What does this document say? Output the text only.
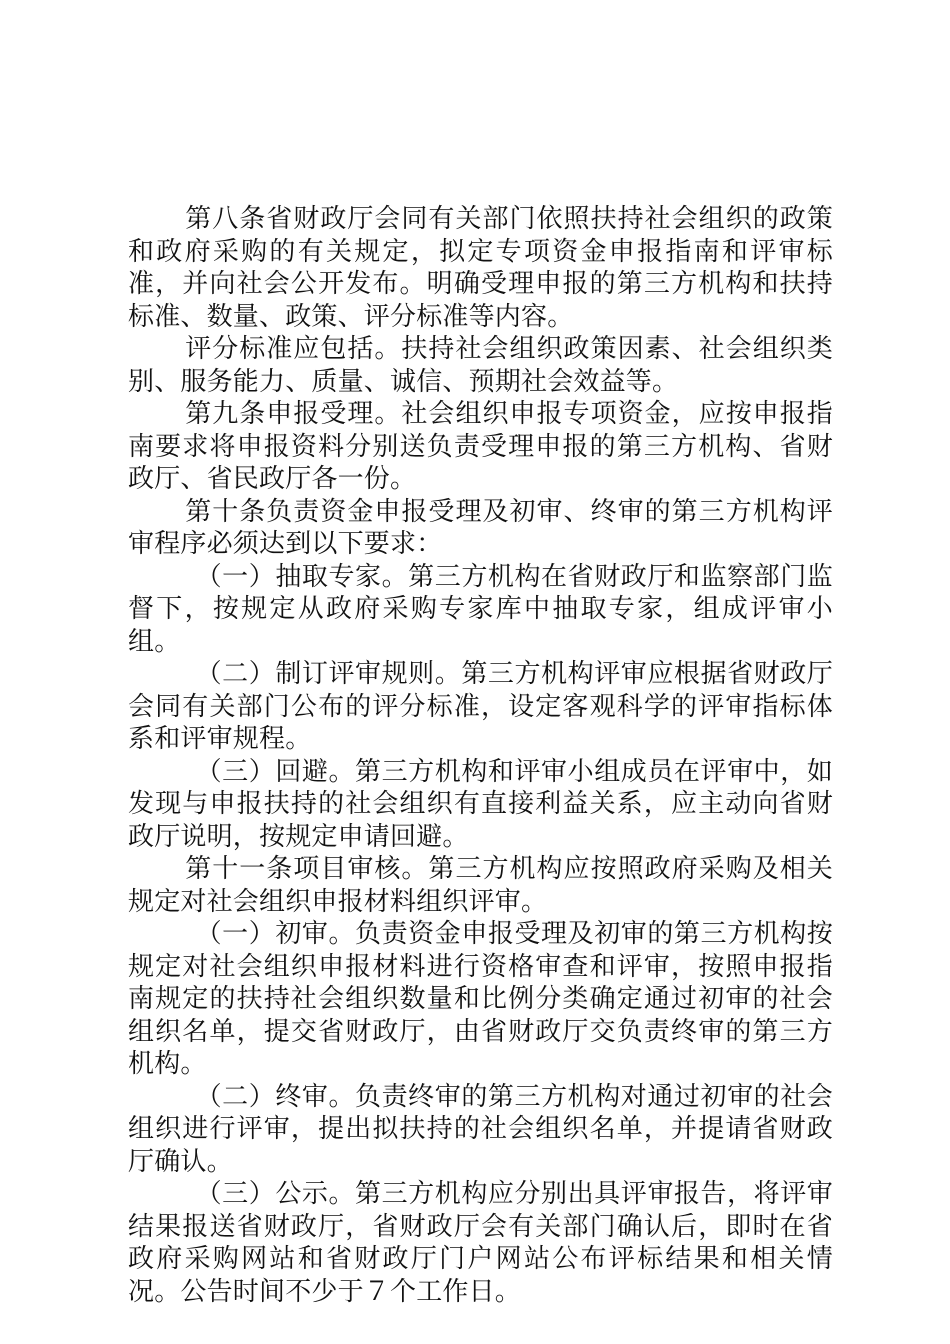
第八条省财政厅会同有关部门依照扶持社会组织的政策和政府采购的有关规定，拟定专项资金申报指南和评审标准，并向社会公开发布。明确受理申报的第三方机构和扶持标准、数量、政策、评分标准等内容。

评分标准应包括。扶持社会组织政策因素、社会组织类别、服务能力、质量、诚信、预期社会效益等。

第九条申报受理。社会组织申报专项资金，应按申报指南要求将申报资料分别送负责受理申报的第三方机构、省财政厅、省民政厅各一份。

第十条负责资金申报受理及初审、终审的第三方机构评审程序必须达到以下要求：

（一）抽取专家。第三方机构在省财政厅和监察部门监督下，按规定从政府采购专家库中抽取专家，组成评审小组。

（二）制订评审规则。第三方机构评审应根据省财政厅会同有关部门公布的评分标准，设定客观科学的评审指标体系和评审规程。

（三）回避。第三方机构和评审小组成员在评审中，如发现与申报扶持的社会组织有直接利益关系，应主动向省财政厅说明，按规定申请回避。

第十一条项目审核。第三方机构应按照政府采购及相关规定对社会组织申报材料组织评审。

（一）初审。负责资金申报受理及初审的第三方机构按规定对社会组织申报材料进行资格审查和评审，按照申报指南规定的扶持社会组织数量和比例分类确定通过初审的社会组织名单，提交省财政厅，由省财政厅交负责终审的第三方机构。

（二）终审。负责终审的第三方机构对通过初审的社会组织进行评审，提出拟扶持的社会组织名单，并提请省财政厅确认。

（三）公示。第三方机构应分别出具评审报告，将评审结果报送省财政厅，省财政厅会有关部门确认后，即时在省政府采购网站和省财政厅门户网站公布评标结果和相关情况。公告时间不少于７个工作日。
